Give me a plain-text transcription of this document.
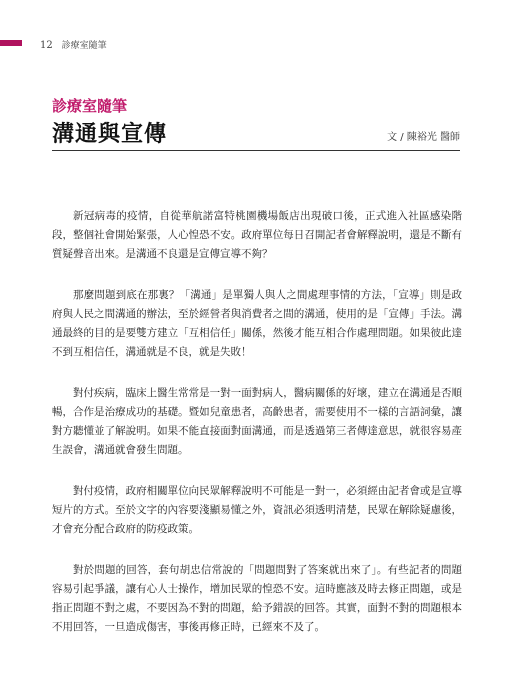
12 診療室隨筆
診療室隨筆
溝通與宣傳	文 / 陳裕光 醫師

新冠病毒的疫情，自從華航諾富特桃園機場飯店出現破口後，正式進入社區感染階段，整個社會開始緊張，人心惶恐不安。政府單位每日召開記者會解釋說明，還是不斷有質疑聲音出來。是溝通不良還是宣傳宣導不夠？

那麼問題到底在那裏？「溝通」是單獨人與人之間處理事情的方法，「宣導」則是政府與人民之間溝通的辦法，至於經營者與消費者之間的溝通，使用的是「宣傳」手法。溝通最終的目的是要雙方建立「互相信任」關係，然後才能互相合作處理問題。如果彼此達不到互相信任，溝通就是不良，就是失敗！

對付疾病，臨床上醫生常常是一對一面對病人，醫病關係的好壞，建立在溝通是否順暢，合作是治療成功的基礎。暨如兒童患者，高齡患者，需要使用不一樣的言語詞彙，讓對方聽懂並了解說明。如果不能直接面對面溝通，而是透過第三者傳達意思，就很容易產生誤會，溝通就會發生問題。

對付疫情，政府相關單位向民眾解釋說明不可能是一對一，必須經由記者會或是宣導短片的方式。至於文字的內容要淺顯易懂之外，資訊必須透明清楚，民眾在解除疑慮後，才會充分配合政府的防疫政策。

對於問題的回答，套句胡忠信常說的「問題問對了答案就出來了」。有些記者的問題容易引起爭議，讓有心人士操作，增加民眾的惶恐不安。這時應該及時去修正問題，或是指正問題不對之處，不要因為不對的問題，給予錯誤的回答。其實，面對不對的問題根本不用回答，一旦造成傷害，事後再修正時，已經來不及了。
